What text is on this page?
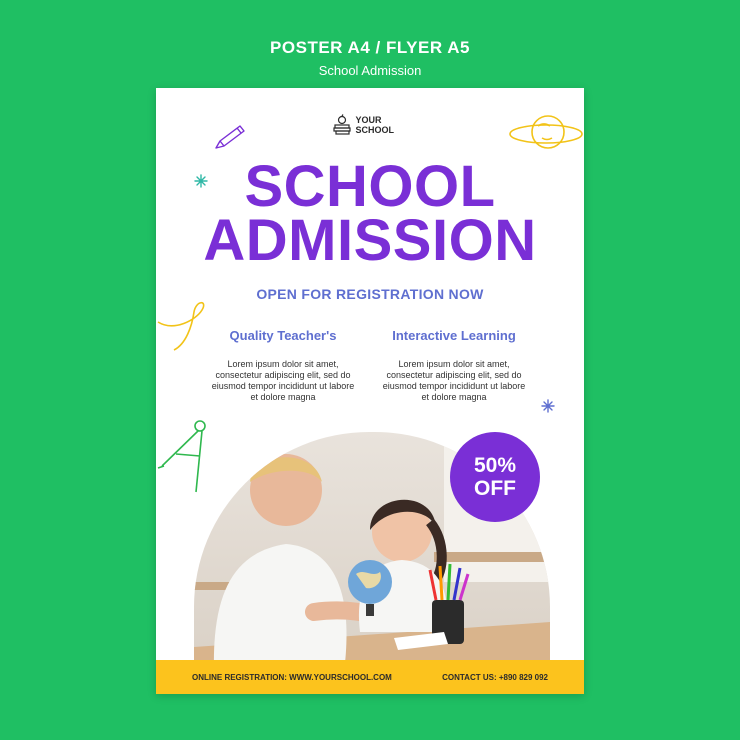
POSTER A4 / FLYER A5
School Admission
YOUR
SCHOOL
SCHOOL
ADMISSION
OPEN FOR REGISTRATION NOW
Quality Teacher's
Lorem ipsum dolor sit amet, consectetur adipiscing elit, sed do eiusmod tempor incididunt ut labore et dolore magna
Interactive Learning
Lorem ipsum dolor sit amet, consectetur adipiscing elit, sed do eiusmod tempor incididunt ut labore et dolore magna
50%
OFF
ONLINE REGISTRATION: WWW.YOURSCHOOL.COM	CONTACT US: +890 829 092
